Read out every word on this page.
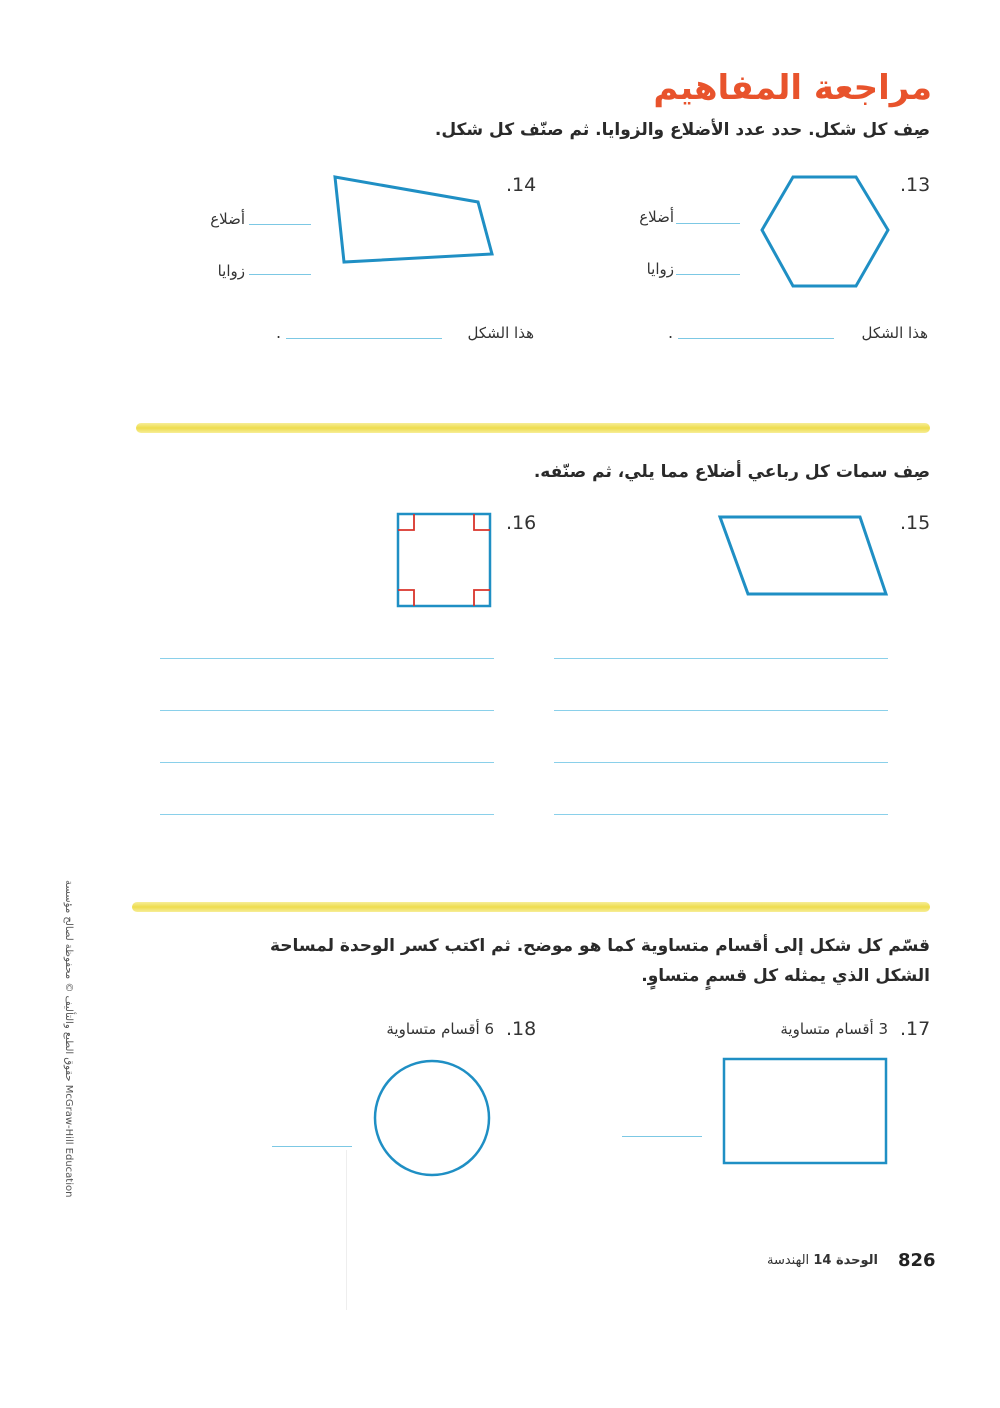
مراجعة المفاهيم
صِف كل شكل. حدد عدد الأضلاع والزوايا. ثم صنّف كل شكل.
.13
أضلاع
زوايا
هذا الشكل
.
.14
أضلاع
زوايا
هذا الشكل
.
صِف سمات كل رباعي أضلاع مما يلي، ثم صنّفه.
.15
.16
قسّم كل شكل إلى أقسام متساوية كما هو موضح. ثم اكتب كسر الوحدة لمساحة
الشكل الذي يمثله كل قسمٍ متساوٍ.
.17
3 أقسام متساوية
.18
6 أقسام متساوية
حقوق الطبع والتأليف © محفوظة لصالح مؤسسة McGraw-Hill Education
826
الوحدة 14 الهندسة
